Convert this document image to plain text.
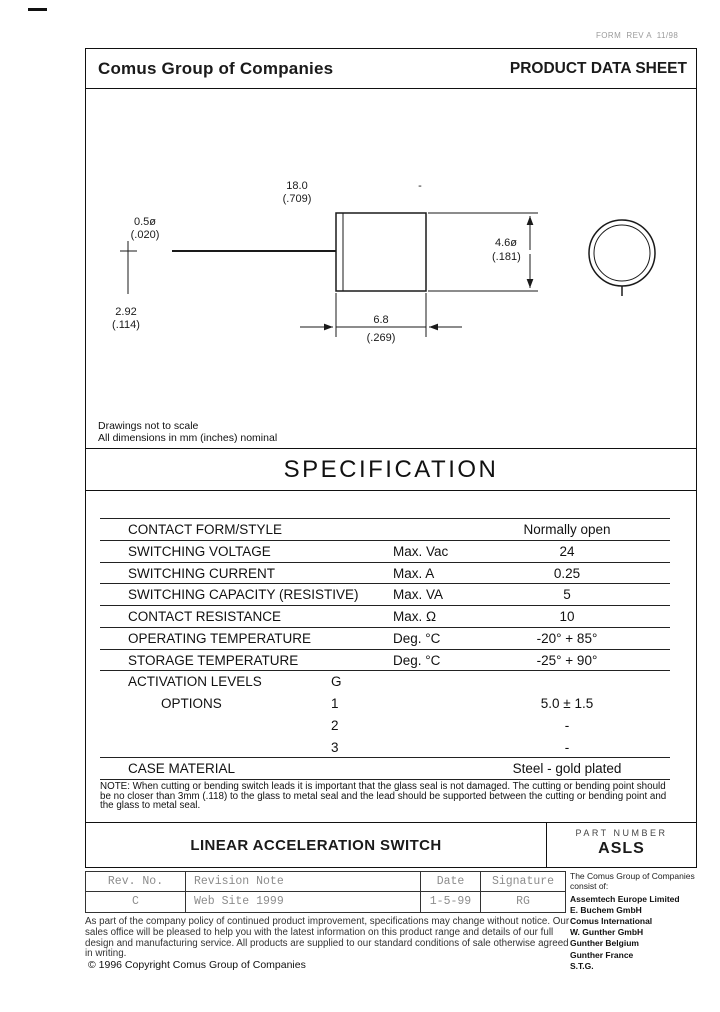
FORM  REV A  11/98
Comus Group of Companies	PRODUCT DATA SHEET
18.0
(.709)
-
0.5ø
(.020)
2.92
(.114)
4.6ø
(.181)
6.8
(.269)
Drawings not to scale
All dimensions in mm (inches) nominal
SPECIFICATION
CONTACT FORM/STYLE	Normally open
SWITCHING VOLTAGE	Max. Vac	24
SWITCHING CURRENT	Max. A	0.25
SWITCHING CAPACITY (RESISTIVE)	Max. VA	5
CONTACT RESISTANCE	Max. Ω	10
OPERATING TEMPERATURE	Deg. °C	-20° + 85°
STORAGE TEMPERATURE	Deg. °C	-25° + 90°
ACTIVATION LEVELS	G
OPTIONS	1	5.0 ± 1.5
2	-
3	-
CASE MATERIAL	Steel - gold plated
NOTE: When cutting or bending switch leads it is important that the glass seal is not damaged. The cutting or bending point should be no closer than 3mm (.118) to the glass to metal seal and the lead should be supported between the cutting or bending point and the glass to metal seal.
LINEAR ACCELERATION SWITCH
PART NUMBER
ASLS
Rev. No.	Revision Note	Date	Signature
C	Web Site 1999	1-5-99	RG
The Comus Group of Companies
consist of:
Assemtech Europe Limited
E. Buchem GmbH
Comus International
W. Gunther GmbH
Gunther Belgium
Gunther France
S.T.G.
As part of the company policy of continued product improvement, specifications may change without notice. Our sales office will be pleased to help you with the latest information on this product range and details of our full design and manufacturing service. All products are supplied to our standard conditions of sale otherwise agreed in writing.
© 1996 Copyright Comus Group of Companies
